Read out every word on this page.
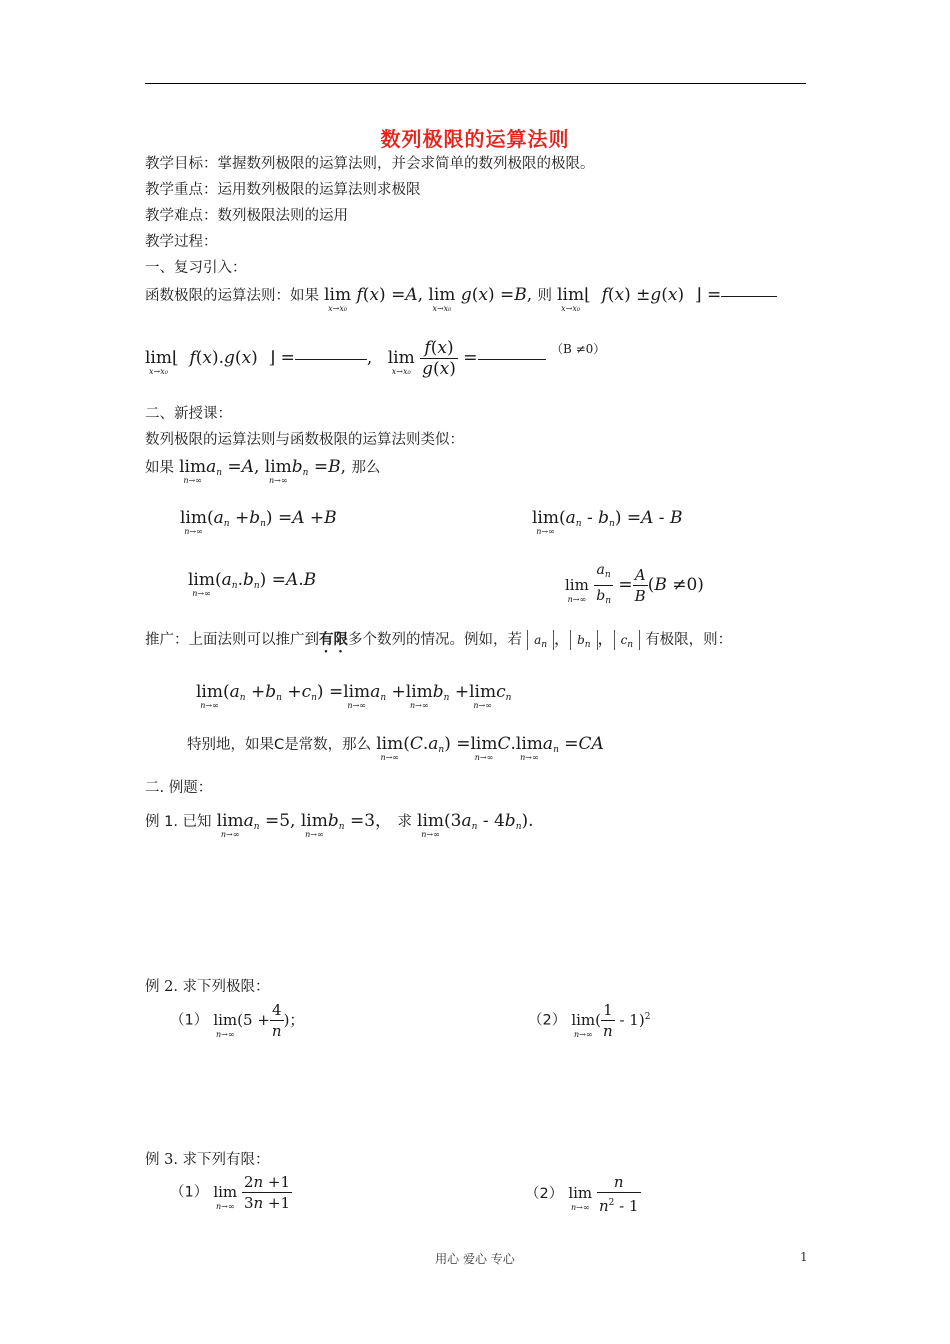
数列极限的运算法则
教学目标：掌握数列极限的运算法则，并会求简单的数列极限的极限。
教学重点：运用数列极限的运算法则求极限
教学难点：数列极限法则的运用
教学过程：
一、复习引入：
函数极限的运算法则：如果 lim
x→x₀
f(x) =A, lim
x→x₀
g(x) =B, 则 lim
x→x₀
⌊  f(x) ±g(x)  ⌋ =
lim
x→x₀
⌊  f(x).g(x)  ⌋ =	, lim
x→x₀
$\frac{f(x)}{g(x)}$ =	$^{(B \ne 0)}$
二、新授课：
数列极限的运算法则与函数极限的运算法则类似：
如果 lim
n→∞
an =A, lim
n→∞
bn =B, 那么
lim
n→∞
(an +bn) =A +B	lim
n→∞
(an - bn) =A - B
lim
n→∞
(an.bn) =A.B	lim
n→∞
$\frac{a_n}{b_n} = \frac{A}{B} (B \ne 0)$
推广：上面法则可以推广到有限多个数列的情况。例如，若 $a_n$ ， $b_n$ ， $c_n$ 有极限，则：
lim
n→∞
(an +bn +cn) =lim
n→∞
an +lim
n→∞
bn +lim
n→∞
cn
特别地，如果C是常数，那么 lim
n→∞
(C.an) =lim
n→∞
C.lim
n→∞
an =CA
二. 例题：
例 1. 已知 lim
n→∞
an =5, lim
n→∞
bn =3， 求 lim
n→∞
(3an - 4bn).
例 2. 求下列极限：
（1） lim
n→∞
($5 + \frac{4}{n}$ )；	（2） lim
n→∞
( $\frac{1}{n} - 1)^2$
例 3. 求下列有限：
（1） lim
n→∞
$\frac{2n +1}{3n +1}$	（2） lim
n→∞
$\frac{n}{n^2 - 1}$
用心 爱心 专心	1
